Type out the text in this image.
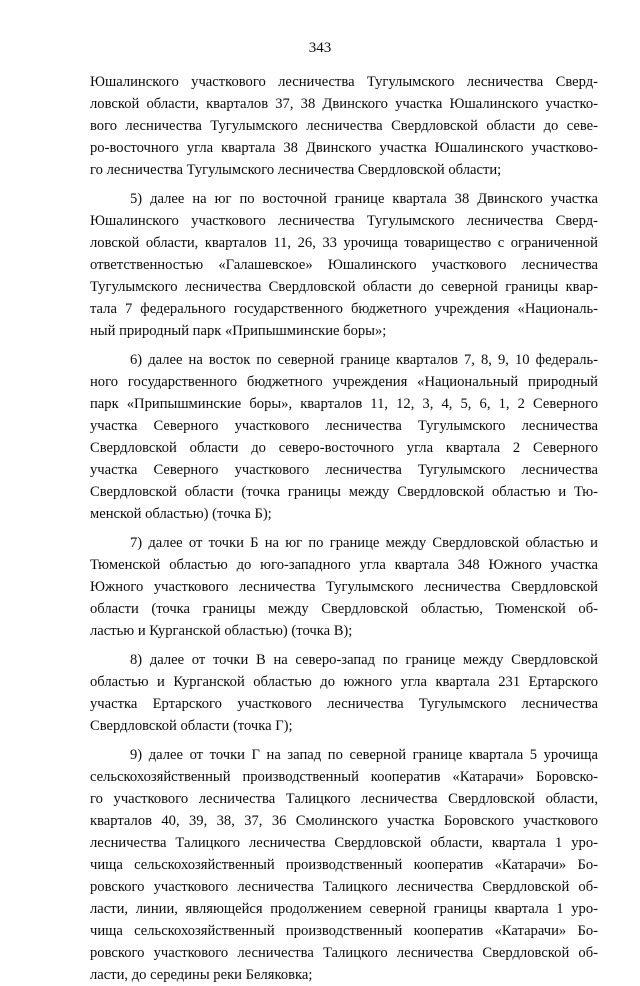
343
Юшалинского участкового лесничества Тугулымского лесничества Сверд-
ловской области, кварталов 37, 38 Двинского участка Юшалинского участко-
вого лесничества Тугулымского лесничества Свердловской области до севе-
ро-восточного угла квартала 38 Двинского участка Юшалинского участково-
го лесничества Тугулымского лесничества Свердловской области;
5) далее на юг по восточной границе квартала 38 Двинского участка
Юшалинского участкового лесничества Тугулымского лесничества Сверд-
ловской области, кварталов 11, 26, 33 урочища товарищество с ограниченной
ответственностью «Галашевское» Юшалинского участкового лесничества
Тугулымского лесничества Свердловской области до северной границы квар-
тала 7 федерального государственного бюджетного учреждения «Националь-
ный природный парк «Припышминские боры»;
6) далее на восток по северной границе кварталов 7, 8, 9, 10 федераль-
ного государственного бюджетного учреждения «Национальный природный
парк «Припышминские боры», кварталов 11, 12, 3, 4, 5, 6, 1, 2 Северного
участка Северного участкового лесничества Тугулымского лесничества
Свердловской области до северо-восточного угла квартала 2 Северного
участка Северного участкового лесничества Тугулымского лесничества
Свердловской области (точка границы между Свердловской областью и Тю-
менской областью) (точка Б);
7) далее от точки Б на юг по границе между Свердловской областью и
Тюменской областью до юго-западного угла квартала 348 Южного участка
Южного участкового лесничества Тугулымского лесничества Свердловской
области (точка границы между Свердловской областью, Тюменской об-
ластью и Курганской областью) (точка В);
8) далее от точки В на северо-запад по границе между Свердловской
областью и Курганской областью до южного угла квартала 231 Ертарского
участка Ертарского участкового лесничества Тугулымского лесничества
Свердловской области (точка Г);
9) далее от точки Г на запад по северной границе квартала 5 урочища
сельскохозяйственный производственный кооператив «Катарачи» Боровско-
го участкового лесничества Талицкого лесничества Свердловской области,
кварталов 40, 39, 38, 37, 36 Смолинского участка Боровского участкового
лесничества Талицкого лесничества Свердловской области, квартала 1 уро-
чища сельскохозяйственный производственный кооператив «Катарачи» Бо-
ровского участкового лесничества Талицкого лесничества Свердловской об-
ласти, линии, являющейся продолжением северной границы квартала 1 уро-
чища сельскохозяйственный производственный кооператив «Катарачи» Бо-
ровского участкового лесничества Талицкого лесничества Свердловской об-
ласти, до середины реки Беляковка;
